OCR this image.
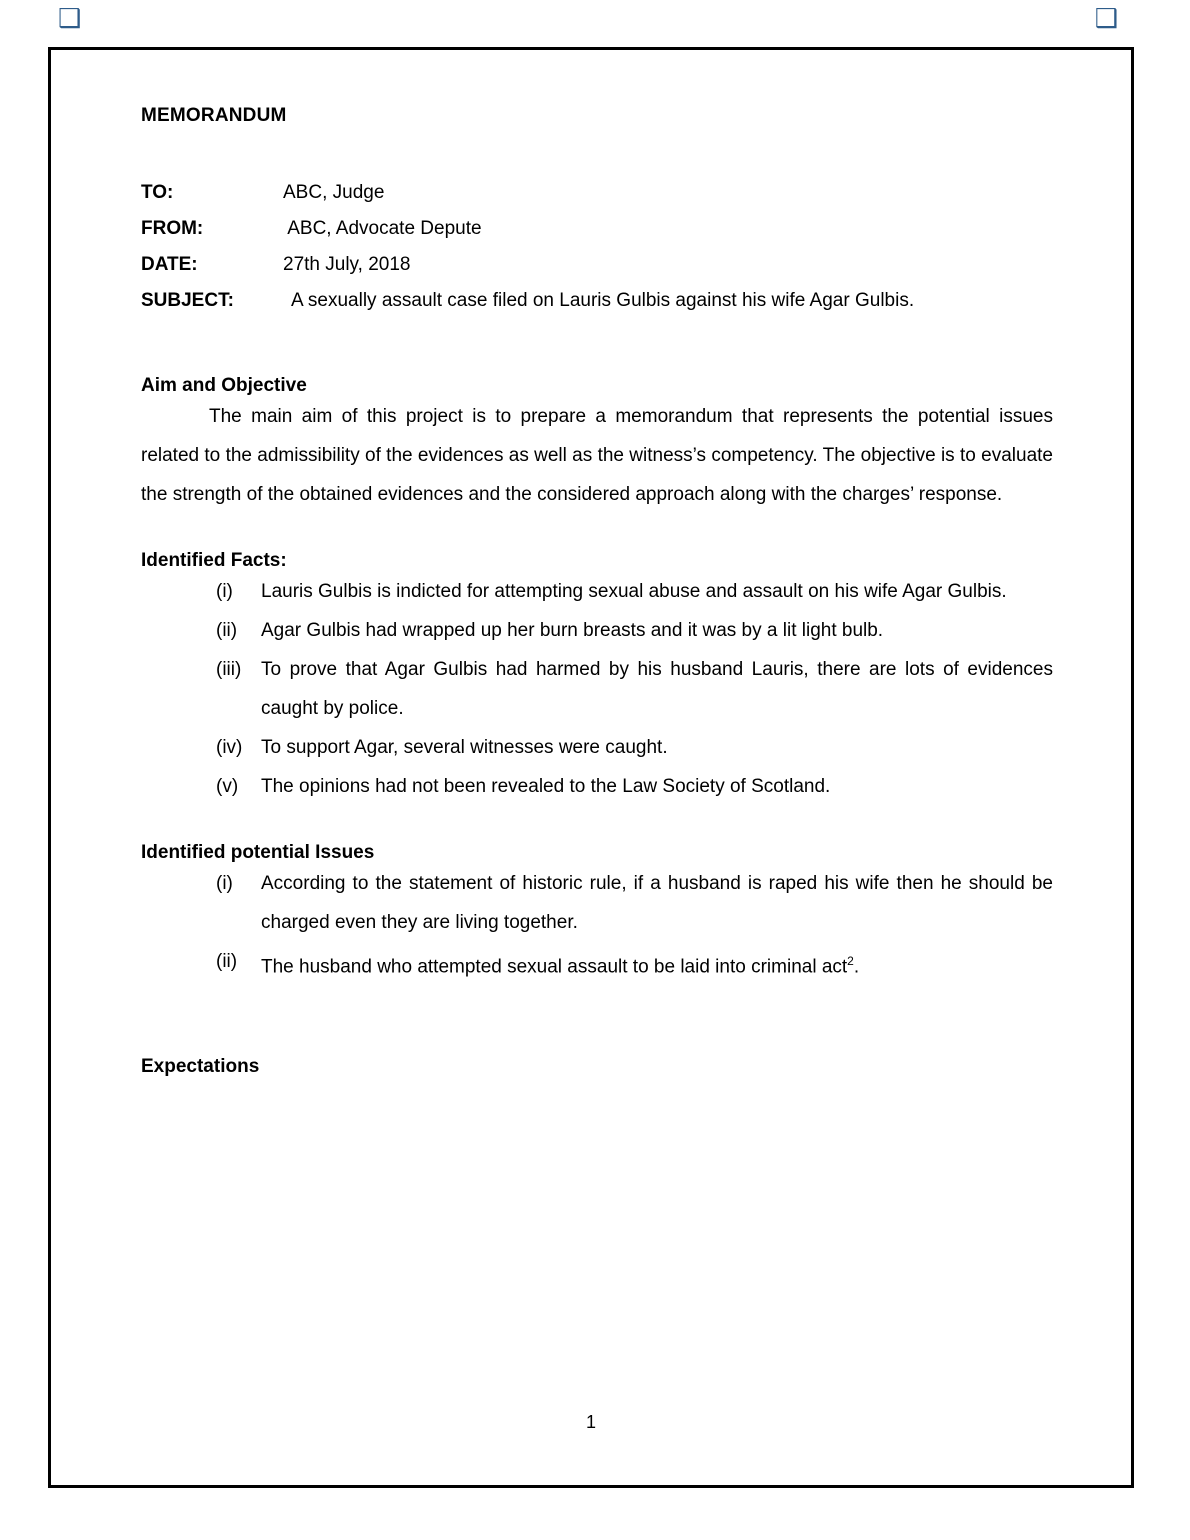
❑	❑
MEMORANDUM

TO:	ABC, Judge

FROM:	ABC, Advocate Depute

DATE:	27th July, 2018

SUBJECT:	A sexually assault case filed on Lauris Gulbis against his wife Agar Gulbis.

Aim and Objective

The main aim of this project is to prepare a memorandum that represents the potential issues related to the admissibility of the evidences as well as the witness’s competency. The objective is to evaluate the strength of the obtained evidences and the considered approach along with the charges’ response.

Identified Facts:
(i)	Lauris Gulbis is indicted for attempting sexual abuse and assault on his wife Agar Gulbis.
(ii)	Agar Gulbis had wrapped up her burn breasts and it was by a lit light bulb.
(iii)	To prove that Agar Gulbis had harmed by his husband Lauris, there are lots of evidences caught by police.
(iv) To support Agar, several witnesses were caught.
(v)	The opinions had not been revealed to the Law Society of Scotland.
Identified potential Issues
(i)	According to the statement of historic rule, if a husband is raped his wife then he should be charged even they are living together.
(ii)	The husband who attempted sexual assault to be laid into criminal act$^2$.
Expectations
1
